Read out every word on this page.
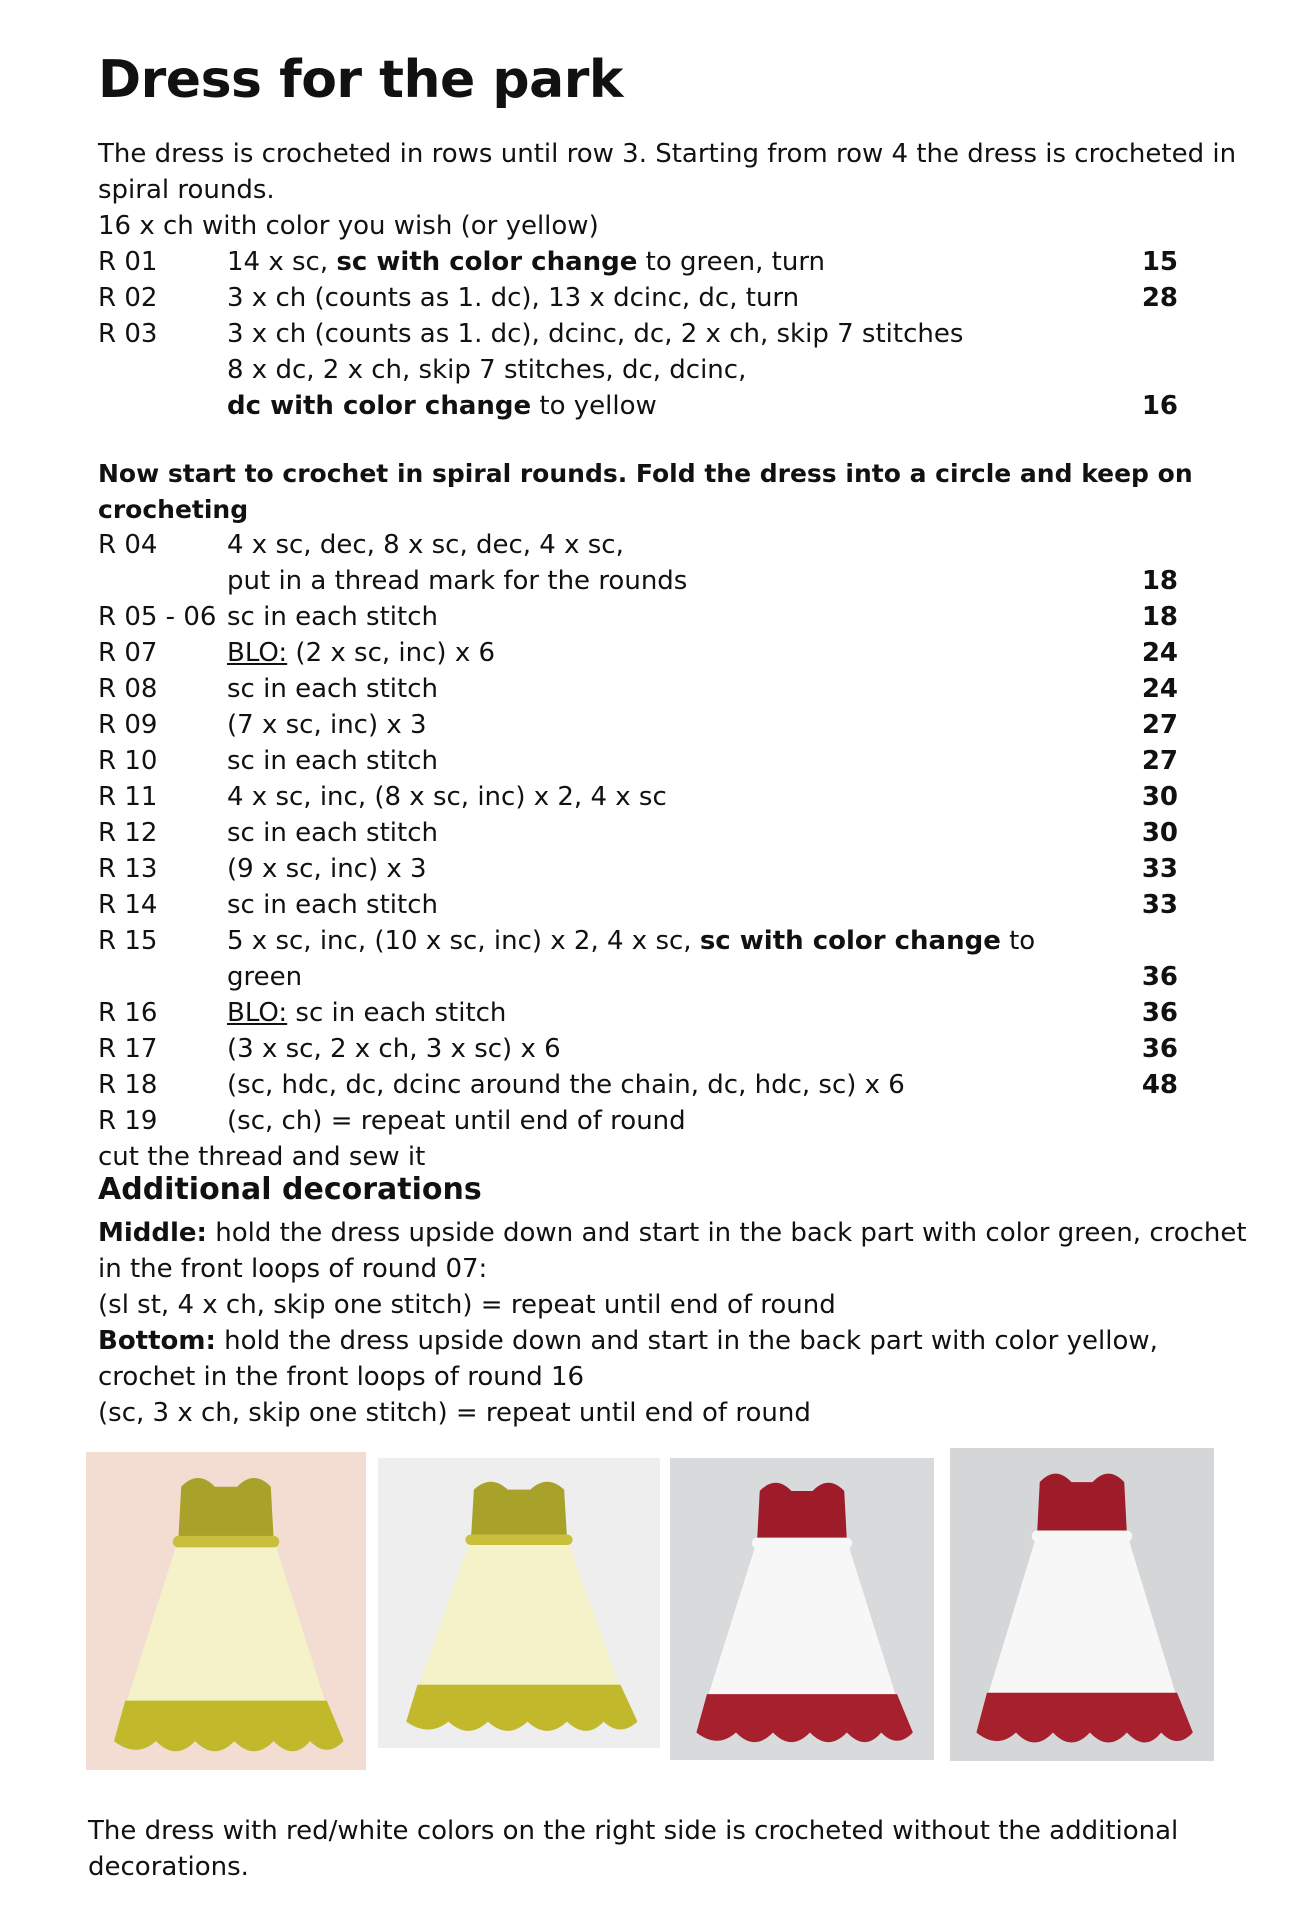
Dress for the park

The dress is crocheted in rows until row 3. Starting from row 4 the dress is crocheted in spiral rounds.

16 x ch with color you wish (or yellow)

R 01	14 x sc, sc with color change to green, turn	15
R 02	3 x ch (counts as 1. dc), 13 x dcinc, dc, turn	28
R 03	3 x ch (counts as 1. dc), dcinc, dc, 2 x ch, skip 7 stitches

8 x dc, 2 x ch, skip 7 stitches, dc, dcinc,

dc with color change to yellow	16
Now start to crochet in spiral rounds. Fold the dress into a circle and keep on crocheting
R 04	4 x sc, dec, 8 x sc, dec, 4 x sc,

put in a thread mark for the rounds	18
R 05 - 06 sc in each stitch	18
R 07	BLO: (2 x sc, inc) x 6	24
R 08	sc in each stitch	24
R 09	(7 x sc, inc) x 3	27
R 10	sc in each stitch	27
R 11	4 x sc, inc, (8 x sc, inc) x 2, 4 x sc	30
R 12	sc in each stitch	30
R 13	(9 x sc, inc) x 3	33
R 14	sc in each stitch	33
R 15	5 x sc, inc, (10 x sc, inc) x 2, 4 x sc, sc with color change to green	36
R 16	BLO: sc in each stitch	36
R 17	(3 x sc, 2 x ch, 3 x sc) x 6	36
R 18	(sc, hdc, dc, dcinc around the chain, dc, hdc, sc) x 6	48
R 19	(sc, ch) = repeat until end of round
cut the thread and sew it
Additional decorations

Middle: hold the dress upside down and start in the back part with color green, crochet in the front loops of round 07:

(sl st, 4 x ch, skip one stitch) = repeat until end of round

Bottom: hold the dress upside down and start in the back part with color yellow, crochet in the front loops of round 16

(sc, 3 x ch, skip one stitch) = repeat until end of round

The dress with red/white colors on the right side is crocheted without the additional decorations.
